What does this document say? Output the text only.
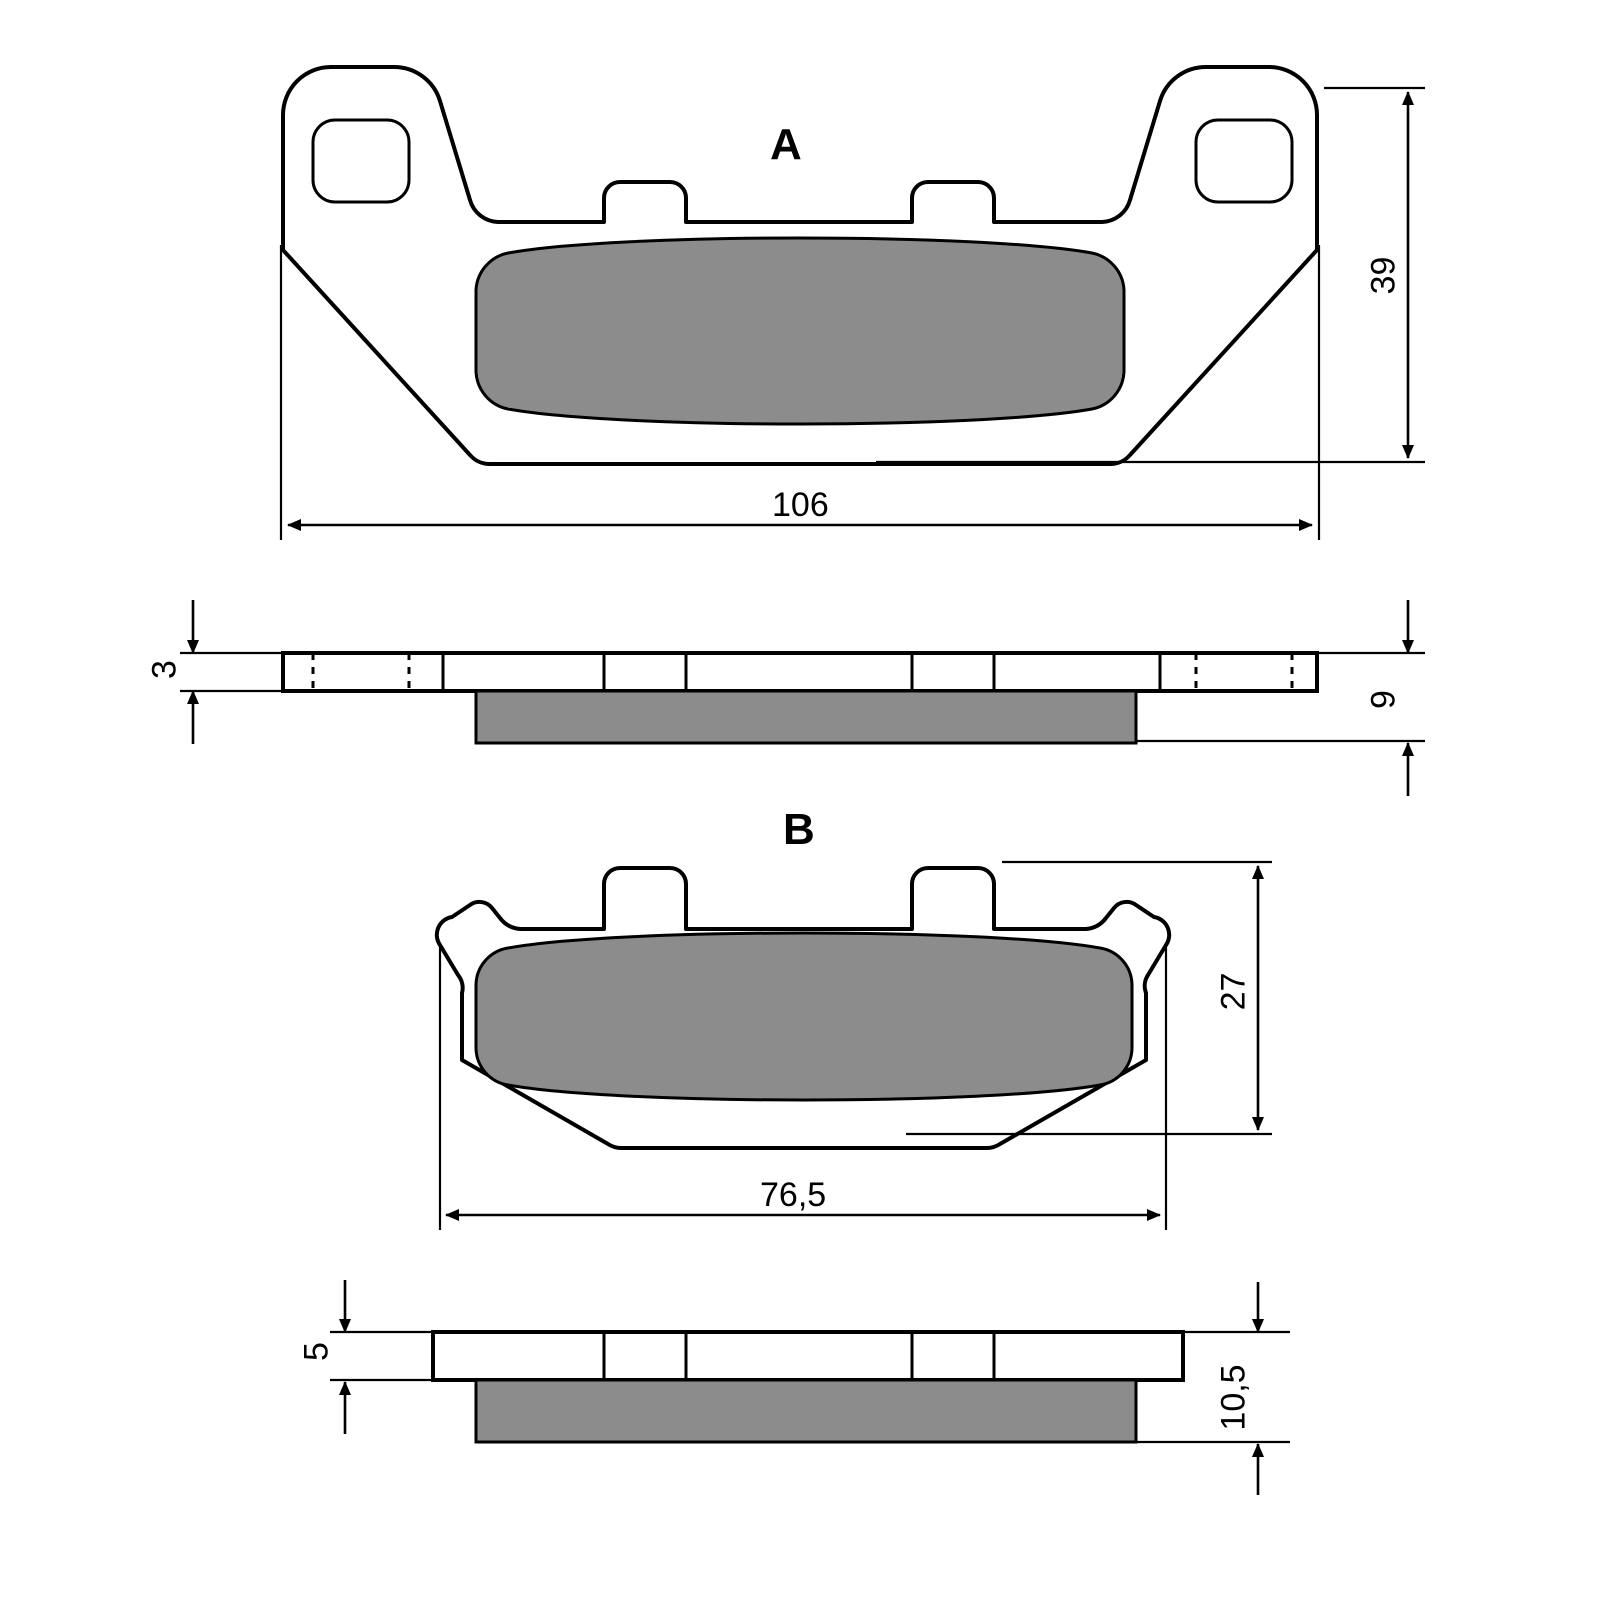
A
106
39
3
9
B
76,5
27
5
10,5
